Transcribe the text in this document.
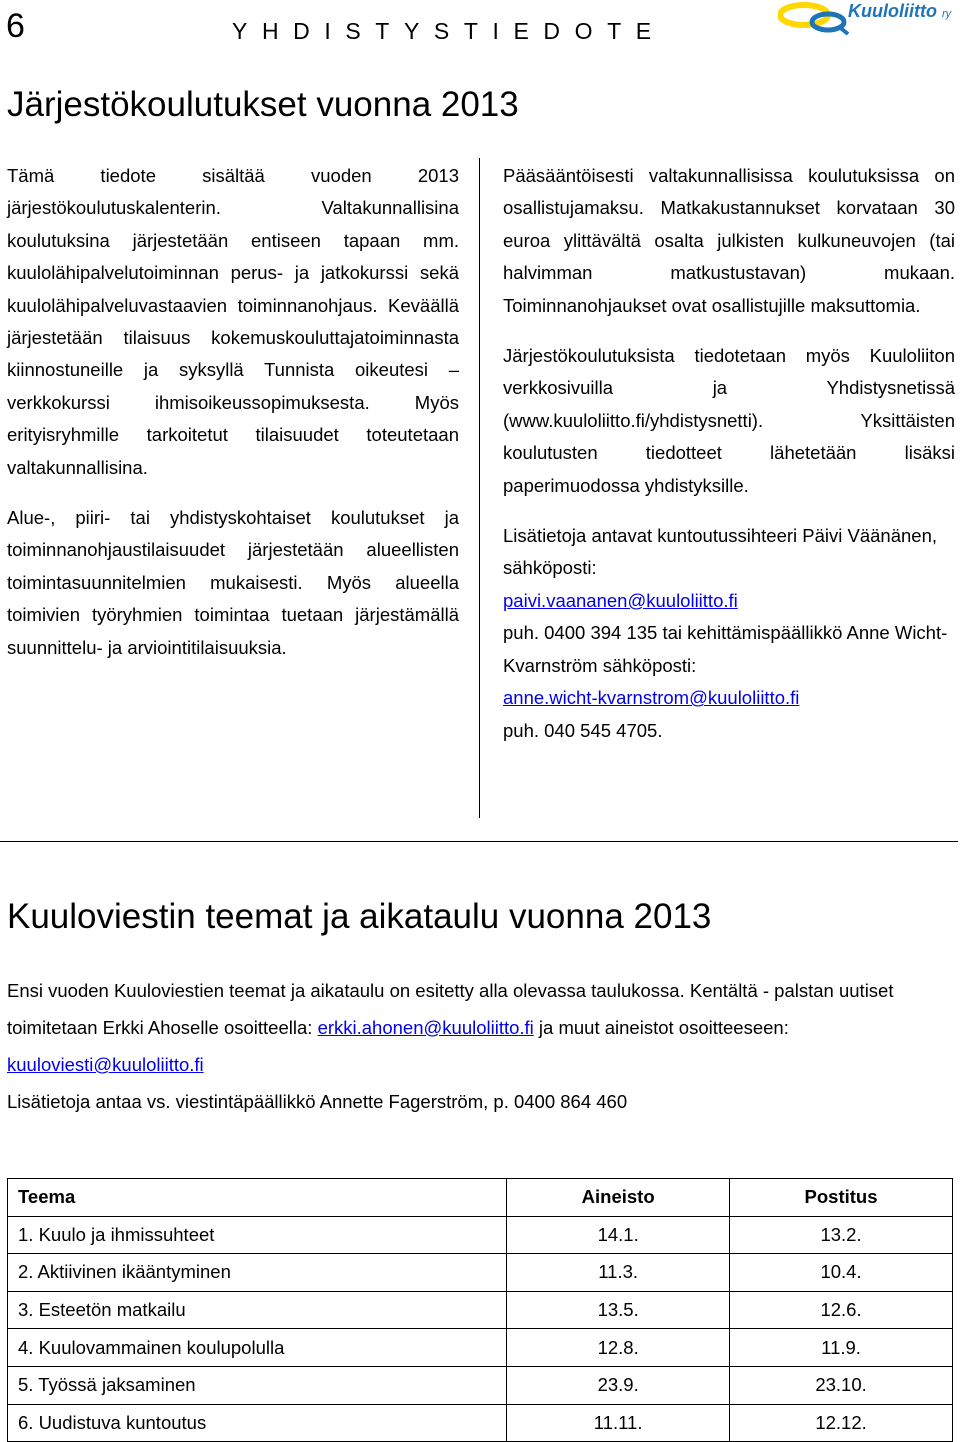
6	YHDISTYSTIEDOTE
Kuuloliitto ry
Järjestökoulutukset vuonna 2013

Tämä tiedote sisältää vuoden 2013 järjestökoulutuskalenterin. Valtakunnallisina koulutuksina järjestetään entiseen tapaan mm. kuulolähipalvelutoiminnan perus- ja jatkokurssi sekä kuulolähipalveluvastaavien toiminnanohjaus. Keväällä järjestetään tilaisuus kokemuskouluttajatoiminnasta kiinnostuneille ja syksyllä Tunnista oikeutesi –verkkokurssi ihmisoikeussopimuksesta. Myös erityisryhmille tarkoitetut tilaisuudet toteutetaan valtakunnallisina.

Alue-, piiri- tai yhdistyskohtaiset koulutukset ja toiminnanohjaustilaisuudet järjestetään alueellisten toimintasuunnitelmien mukaisesti. Myös alueella toimivien työryhmien toimintaa tuetaan järjestämällä suunnittelu- ja arviointitilaisuuksia.

Pääsääntöisesti valtakunnallisissa koulutuksissa on osallistujamaksu. Matkakustannukset korvataan 30 euroa ylittävältä osalta julkisten kulkuneuvojen (tai halvimman matkustustavan) mukaan. Toiminnanohjaukset ovat osallistujille maksuttomia.

Järjestökoulutuksista tiedotetaan myös Kuuloliiton verkkosivuilla ja Yhdistysnetissä (www.kuuloliitto.fi/yhdistysnetti). Yksittäisten koulutusten tiedotteet lähetetään lisäksi paperimuodossa yhdistyksille.

Lisätietoja antavat kuntoutussihteeri Päivi Väänänen, sähköposti:
paivi.vaananen@kuuloliitto.fi
puh. 0400 394 135 tai kehittämispäällikkö Anne Wicht-Kvarnström sähköposti:
anne.wicht-kvarnstrom@kuuloliitto.fi
puh. 040 545 4705.

Kuuloviestin teemat ja aikataulu vuonna 2013

Ensi vuoden Kuuloviestien teemat ja aikataulu on esitetty alla olevassa taulukossa. Kentältä - palstan uutiset toimitetaan Erkki Ahoselle osoitteella: erkki.ahonen@kuuloliitto.fi ja muut aineistot osoitteeseen: kuuloviesti@kuuloliitto.fi

Lisätietoja antaa vs. viestintäpäällikkö Annette Fagerström, p. 0400 864 460

Teema	Aineisto	Postitus
1. Kuulo ja ihmissuhteet	14.1.	13.2.
2. Aktiivinen ikääntyminen	11.3.	10.4.
3. Esteetön matkailu	13.5.	12.6.
4. Kuulovammainen koulupolulla	12.8.	11.9.
5. Työssä jaksaminen	23.9.	23.10.
6. Uudistuva kuntoutus	11.11.	12.12.
